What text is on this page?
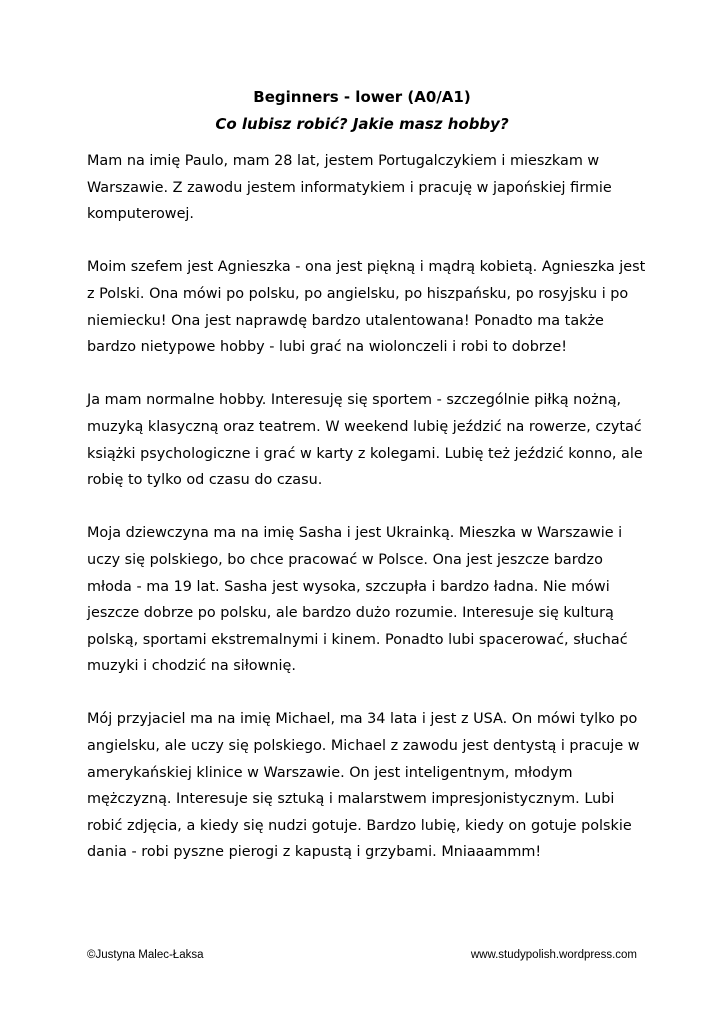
Beginners - lower (A0/A1)
Co lubisz robić? Jakie masz hobby?

Mam na imię Paulo, mam 28 lat, jestem Portugalczykiem i mieszkam w Warszawie. Z zawodu jestem informatykiem i pracuję w japońskiej firmie komputerowej.

Moim szefem jest Agnieszka - ona jest piękną i mądrą kobietą. Agnieszka jest z Polski. Ona mówi po polsku, po angielsku, po hiszpańsku, po rosyjsku i po niemiecku! Ona jest naprawdę bardzo utalentowana! Ponadto ma także bardzo nietypowe hobby - lubi grać na wiolonczeli i robi to dobrze!

Ja mam normalne hobby. Interesuję się sportem - szczególnie piłką nożną, muzyką klasyczną oraz teatrem. W weekend lubię jeździć na rowerze, czytać książki psychologiczne i grać w karty z kolegami. Lubię też jeździć konno, ale robię to tylko od czasu do czasu.

Moja dziewczyna ma na imię Sasha i jest Ukrainką. Mieszka w Warszawie i uczy się polskiego, bo chce pracować w Polsce. Ona jest jeszcze bardzo młoda - ma 19 lat. Sasha jest wysoka, szczupła i bardzo ładna. Nie mówi jeszcze dobrze po polsku, ale bardzo dużo rozumie. Interesuje się kulturą polską, sportami ekstremalnymi i kinem. Ponadto lubi spacerować, słuchać muzyki i chodzić na siłownię.

Mój przyjaciel ma na imię Michael, ma 34 lata i jest z USA. On mówi tylko po angielsku, ale uczy się polskiego. Michael z zawodu jest dentystą i pracuje w amerykańskiej klinice w Warszawie. On jest inteligentnym, młodym mężczyzną. Interesuje się sztuką i malarstwem impresjonistycznym. Lubi robić zdjęcia, a kiedy się nudzi gotuje. Bardzo lubię, kiedy on gotuje polskie dania - robi pyszne pierogi z kapustą i grzybami. Mniaaammm!

©Justyna Malec-Łaksa	www.studypolish.wordpress.com
